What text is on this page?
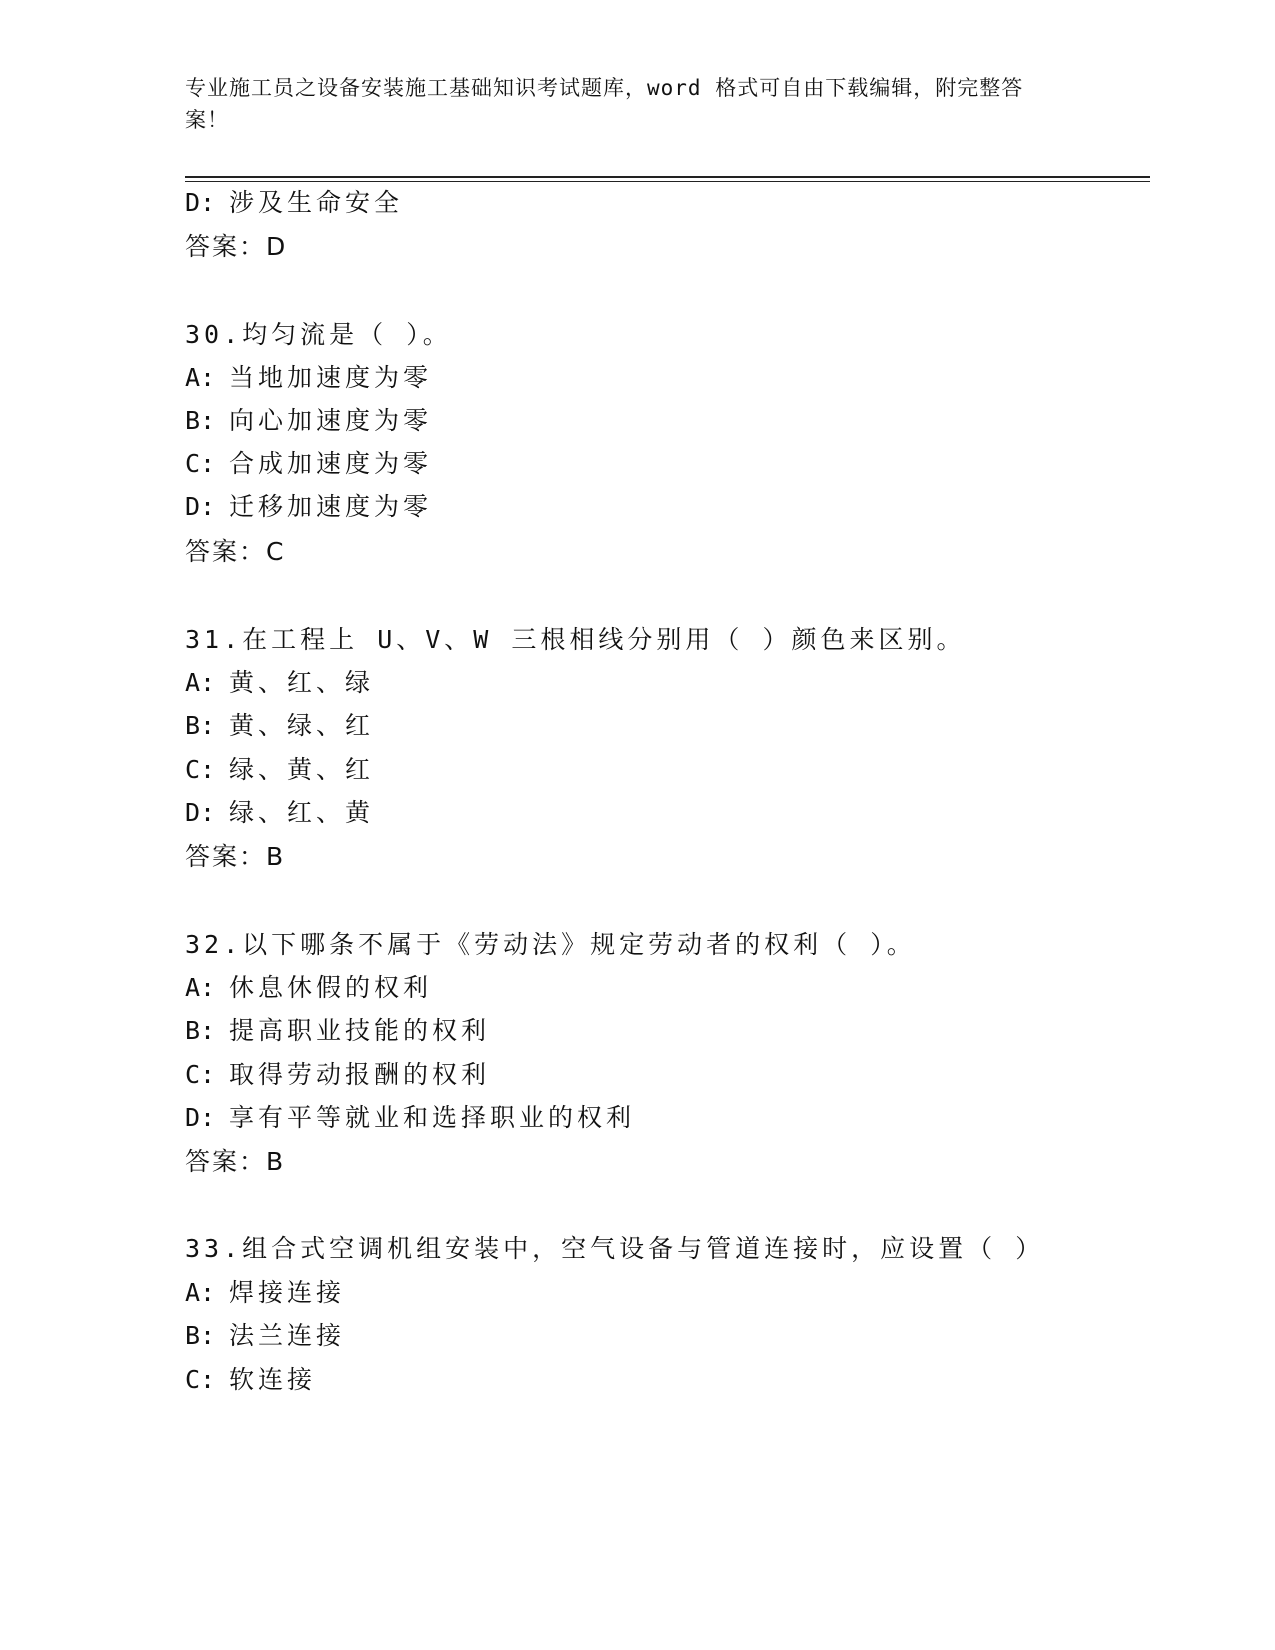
专业施工员之设备安装施工基础知识考试题库，word 格式可自由下载编辑，附完整答案！
D: 涉及生命安全
答案：D
30.均匀流是（ ）。
A: 当地加速度为零
B: 向心加速度为零
C: 合成加速度为零
D: 迁移加速度为零
答案：C
31.在工程上 U、V、W 三根相线分别用（ ）颜色来区别。
A: 黄、红、绿
B: 黄、绿、红
C: 绿、黄、红
D: 绿、红、黄
答案：B
32.以下哪条不属于《劳动法》规定劳动者的权利（ ）。
A: 休息休假的权利
B: 提高职业技能的权利
C: 取得劳动报酬的权利
D: 享有平等就业和选择职业的权利
答案：B
33.组合式空调机组安装中，空气设备与管道连接时，应设置（ ）
A: 焊接连接
B: 法兰连接
C: 软连接
